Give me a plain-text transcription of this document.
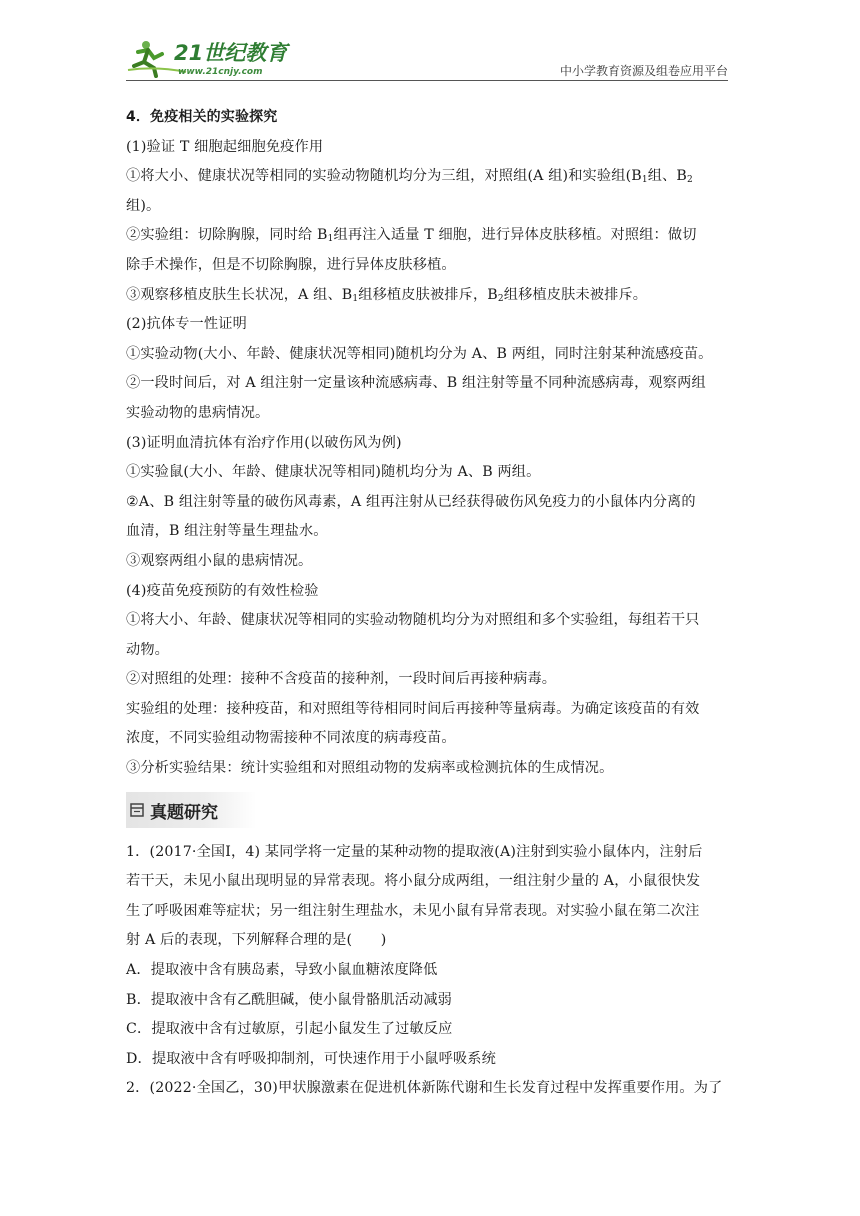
21世纪教育
www.21cnjy.com	中小学教育资源及组卷应用平台
4．免疫相关的实验探究
(1)验证 T 细胞起细胞免疫作用
①将大小、健康状况等相同的实验动物随机均分为三组，对照组(A 组)和实验组($B_1$组、$B_2$
组)。
②实验组：切除胸腺，同时给 $B_1$组再注入适量 T 细胞，进行异体皮肤移植。对照组：做切
除手术操作，但是不切除胸腺，进行异体皮肤移植。
③观察移植皮肤生长状况，A 组、$B_1$组移植皮肤被排斥，$B_2$组移植皮肤未被排斥。
(2)抗体专一性证明
①实验动物(大小、年龄、健康状况等相同)随机均分为 A、B 两组，同时注射某种流感疫苗。
②一段时间后，对 A 组注射一定量该种流感病毒、B 组注射等量不同种流感病毒，观察两组
实验动物的患病情况。
(3)证明血清抗体有治疗作用(以破伤风为例)
①实验鼠(大小、年龄、健康状况等相同)随机均分为 A、B 两组。
②A、B 组注射等量的破伤风毒素，A 组再注射从已经获得破伤风免疫力的小鼠体内分离的
血清，B 组注射等量生理盐水。
③观察两组小鼠的患病情况。
(4)疫苗免疫预防的有效性检验
①将大小、年龄、健康状况等相同的实验动物随机均分为对照组和多个实验组，每组若干只
动物。
②对照组的处理：接种不含疫苗的接种剂，一段时间后再接种病毒。
实验组的处理：接种疫苗，和对照组等待相同时间后再接种等量病毒。为确定该疫苗的有效
浓度，不同实验组动物需接种不同浓度的病毒疫苗。
③分析实验结果：统计实验组和对照组动物的发病率或检测抗体的生成情况。
真题研究
1．(2017·全国Ⅰ，4) 某同学将一定量的某种动物的提取液(A)注射到实验小鼠体内，注射后
若干天，未见小鼠出现明显的异常表现。将小鼠分成两组，一组注射少量的 A，小鼠很快发
生了呼吸困难等症状；另一组注射生理盐水，未见小鼠有异常表现。对实验小鼠在第二次注
射 A 后的表现，下列解释合理的是(　　)
A．提取液中含有胰岛素，导致小鼠血糖浓度降低
B．提取液中含有乙酰胆碱，使小鼠骨骼肌活动减弱
C．提取液中含有过敏原，引起小鼠发生了过敏反应
D．提取液中含有呼吸抑制剂，可快速作用于小鼠呼吸系统
2．(2022·全国乙，30)甲状腺激素在促进机体新陈代谢和生长发育过程中发挥重要作用。为了
